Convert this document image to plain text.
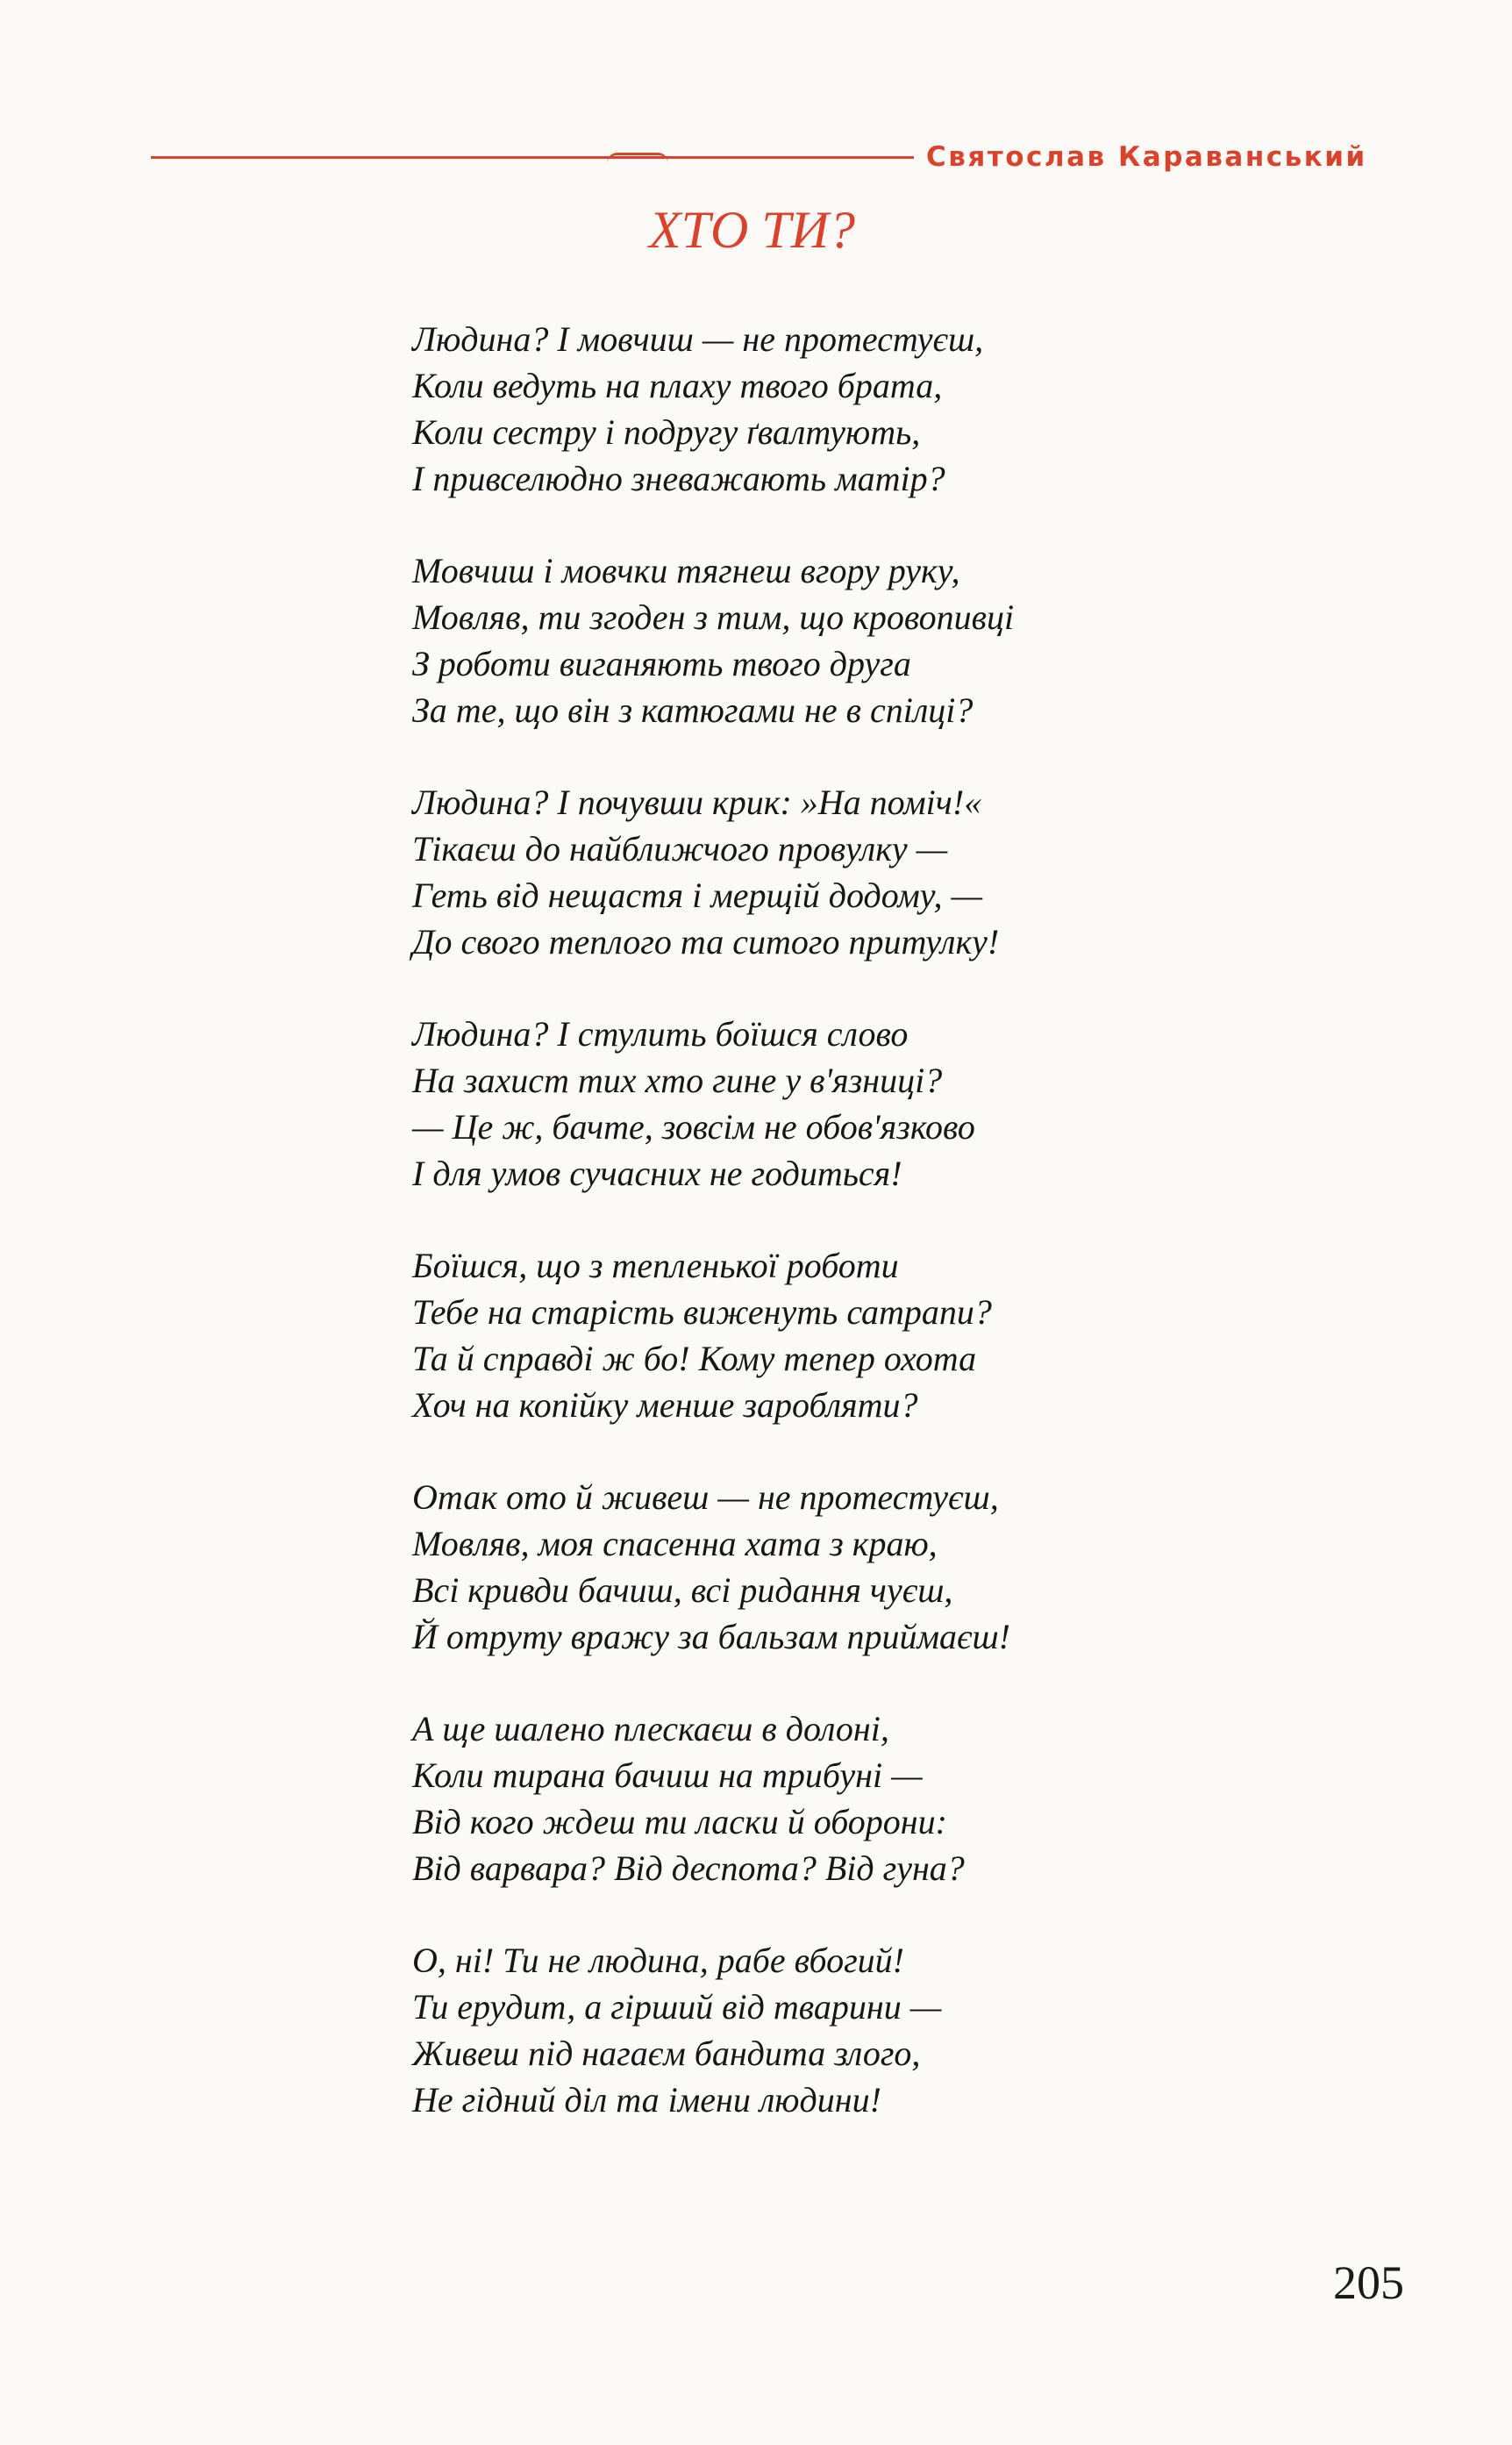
Святослав Караванський
ХТО ТИ?
Людина? І мовчиш — не протестуєш,
Коли ведуть на плаху твого брата,
Коли сестру і подругу ґвалтують,
І привселюдно зневажають матір?
Мовчиш і мовчки тягнеш вгору руку,
Мовляв, ти згоден з тим, що кровопивці
З роботи виганяють твого друга
За те, що він з катюгами не в спілці?
Людина? І почувши крик: »На поміч!«
Тікаєш до найближчого провулку —
Геть від нещастя і мерщій додому, —
До свого теплого та ситого притулку!
Людина? І стулить боїшся слово
На захист тих хто гине у в'язниці?
— Це ж, бачте, зовсім не обов'язково
І для умов сучасних не годиться!
Боїшся, що з тепленької роботи
Тебе на старість виженуть сатрапи?
Та й справді ж бо! Кому тепер охота
Хоч на копійку менше заробляти?
Отак ото й живеш — не протестуєш,
Мовляв, моя спасенна хата з краю,
Всі кривди бачиш, всі ридання чуєш,
Й отруту вражу за бальзам приймаєш!
А ще шалено плескаєш в долоні,
Коли тирана бачиш на трибуні —
Від кого ждеш ти ласки й оборони:
Від варвара? Від деспота? Від гуна?
О, ні! Ти не людина, рабе вбогий!
Ти ерудит, а гірший від тварини —
Живеш під нагаєм бандита злого,
Не гідний діл та імени людини!
205
